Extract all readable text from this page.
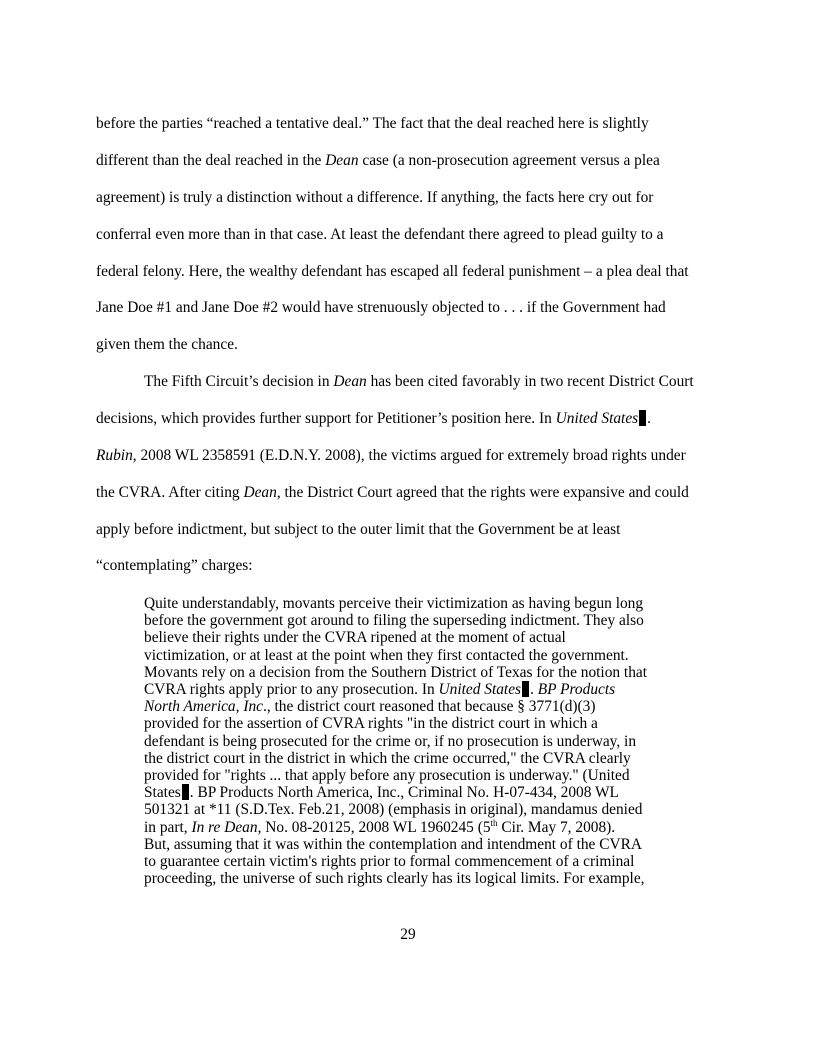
before the parties “reached a tentative deal.” The fact that the deal reached here is slightly
different than the deal reached in the Dean case (a non-prosecution agreement versus a plea
agreement) is truly a distinction without a difference. If anything, the facts here cry out for
conferral even more than in that case. At least the defendant there agreed to plead guilty to a
federal felony. Here, the wealthy defendant has escaped all federal punishment – a plea deal that
Jane Doe #1 and Jane Doe #2 would have strenuously objected to . . . if the Government had
given them the chance.
The Fifth Circuit’s decision in Dean has been cited favorably in two recent District Court
decisions, which provides further support for Petitioner’s position here. In United States .
Rubin, 2008 WL 2358591 (E.D.N.Y. 2008), the victims argued for extremely broad rights under
the CVRA. After citing Dean, the District Court agreed that the rights were expansive and could
apply before indictment, but subject to the outer limit that the Government be at least
“contemplating” charges:
Quite understandably, movants perceive their victimization as having begun long
before the government got around to filing the superseding indictment. They also
believe their rights under the CVRA ripened at the moment of actual
victimization, or at least at the point when they first contacted the government.
Movants rely on a decision from the Southern District of Texas for the notion that
CVRA rights apply prior to any prosecution. In United States . BP Products
North America, Inc., the district court reasoned that because § 3771(d)(3)
provided for the assertion of CVRA rights "in the district court in which a
defendant is being prosecuted for the crime or, if no prosecution is underway, in
the district court in the district in which the crime occurred," the CVRA clearly
provided for "rights ... that apply before any prosecution is underway." (United
States . BP Products North America, Inc., Criminal No. H-07-434, 2008 WL
501321 at *11 (S.D.Tex. Feb.21, 2008) (emphasis in original), mandamus denied
in part, In re Dean, No. 08-20125, 2008 WL 1960245 (5th Cir. May 7, 2008).
But, assuming that it was within the contemplation and intendment of the CVRA
to guarantee certain victim's rights prior to formal commencement of a criminal
proceeding, the universe of such rights clearly has its logical limits. For example,
29
